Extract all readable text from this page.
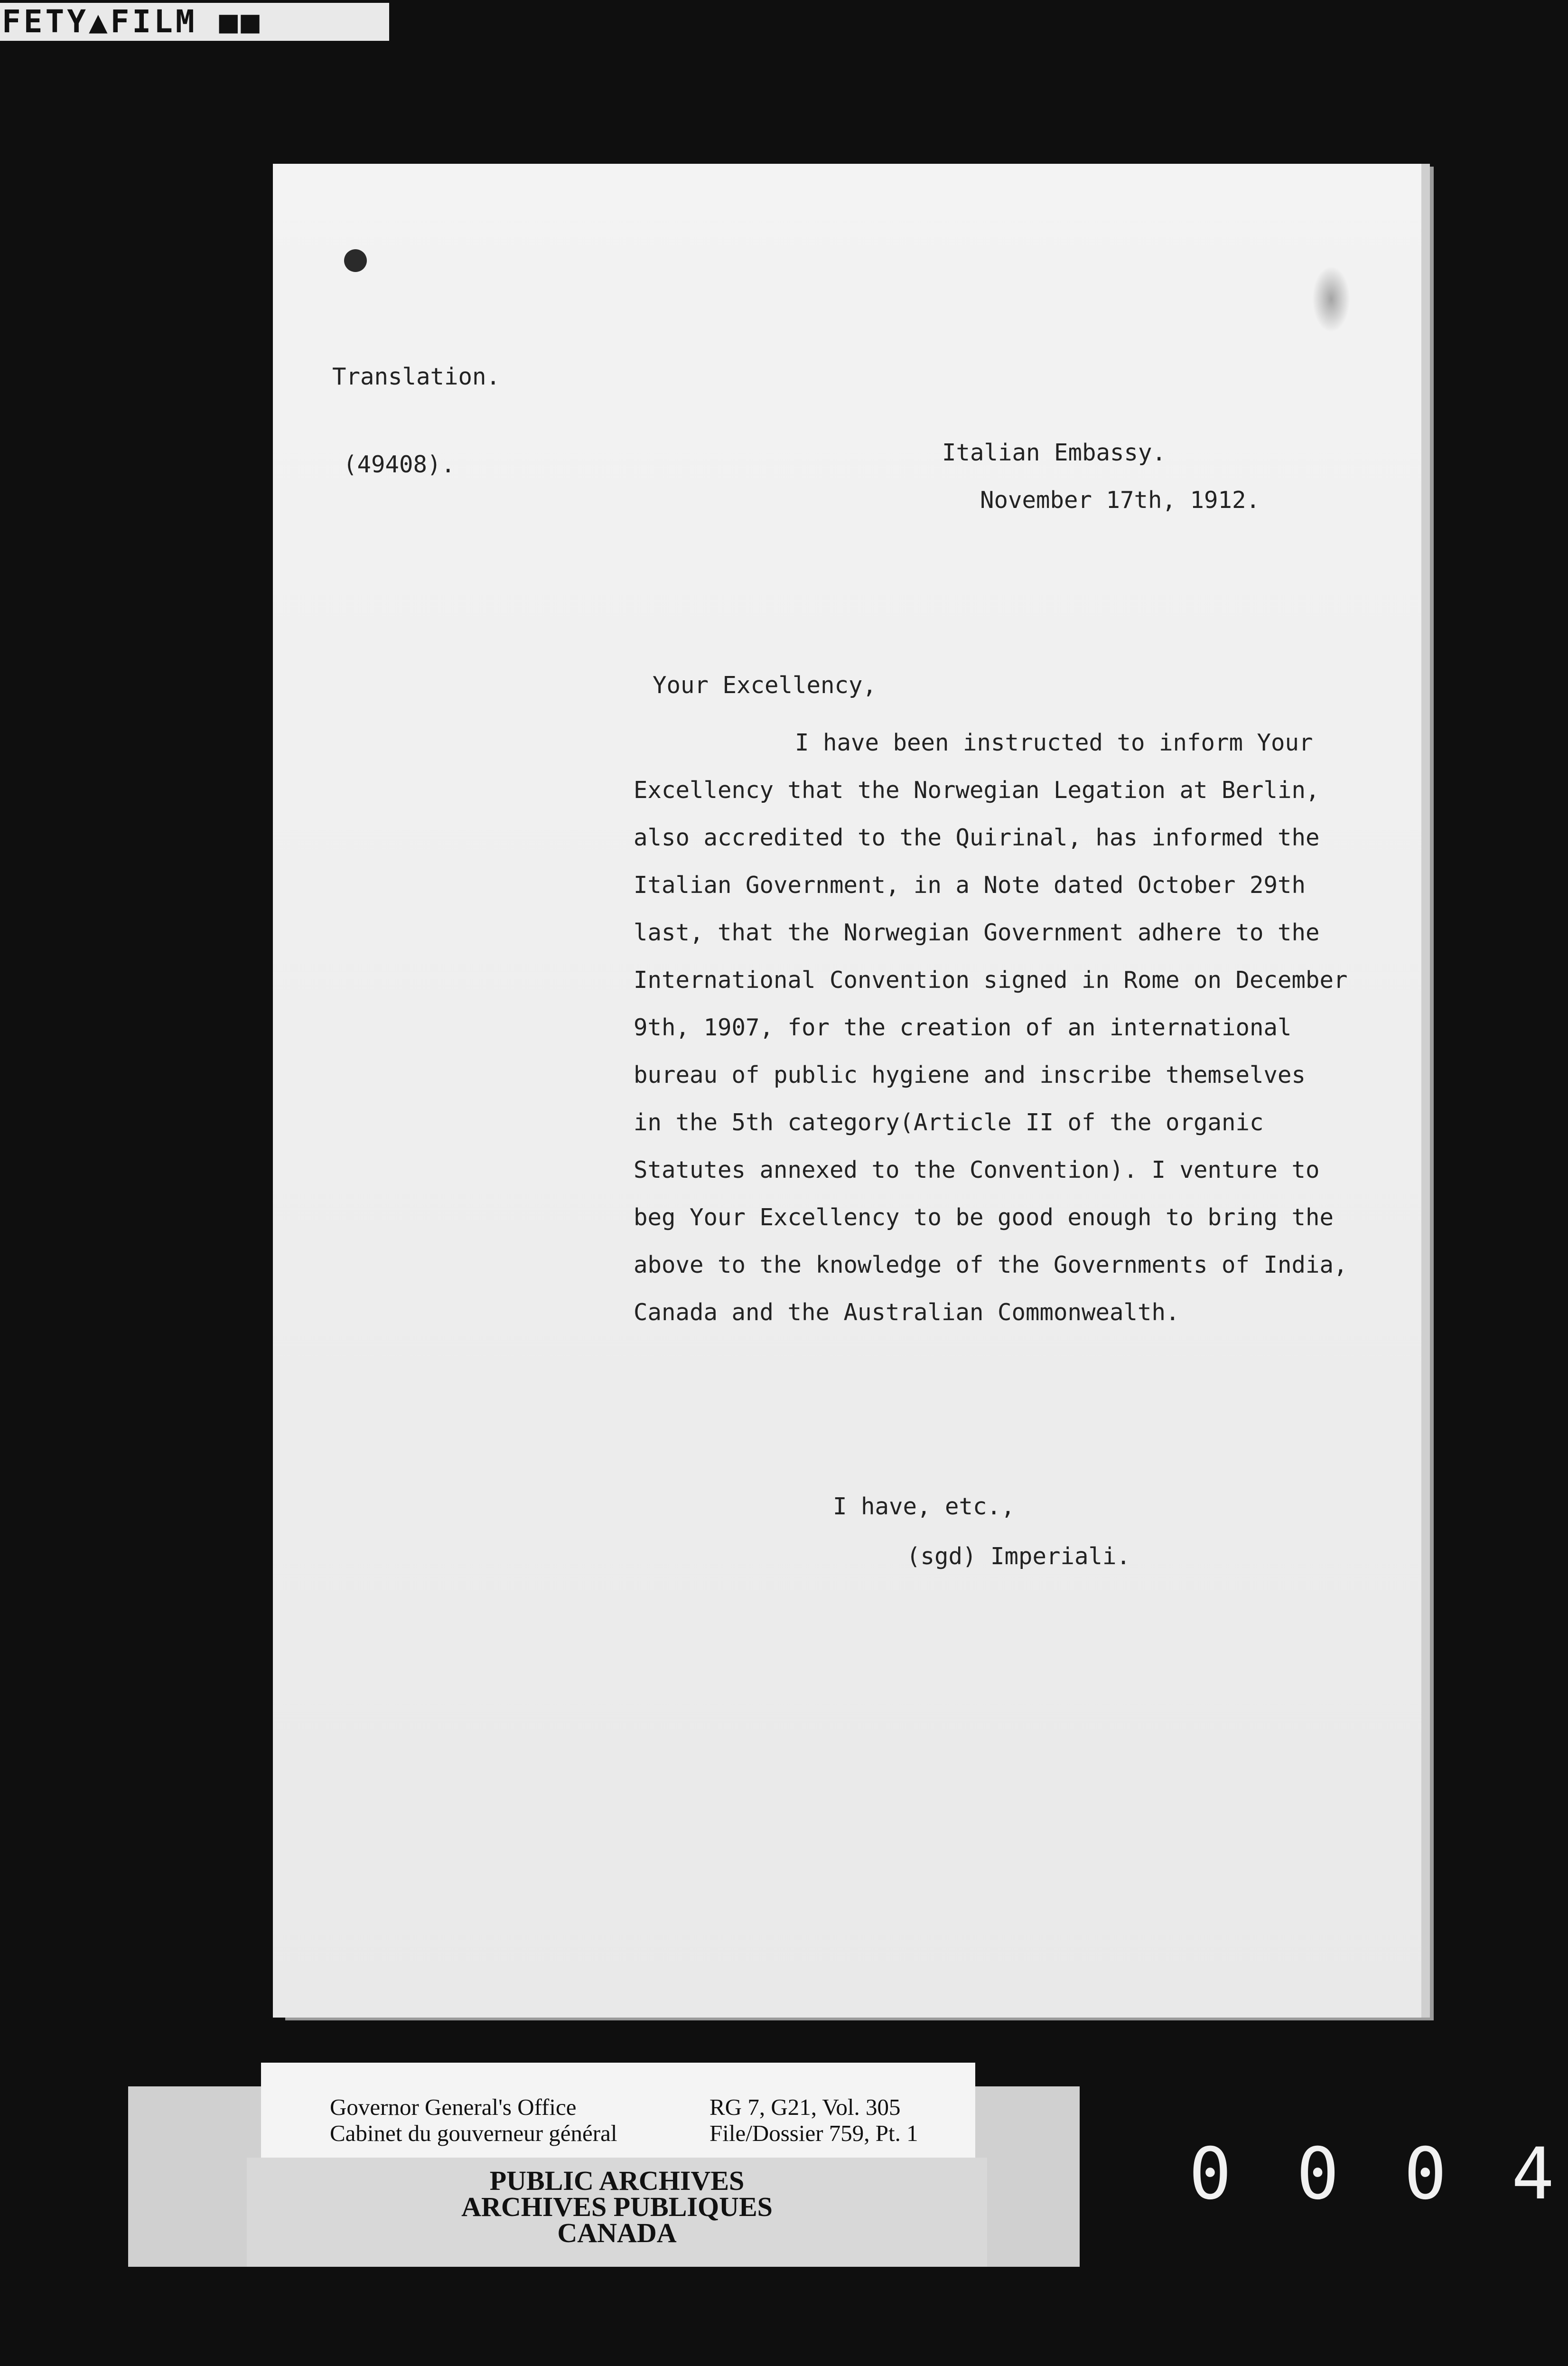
FETY▲FILM ■■
Translation.
(49408).	Italian Embassy.
November 17th, 1912.
Your Excellency,
I have been instructed to inform Your
Excellency that the Norwegian Legation at Berlin,
also accredited to the Quirinal, has informed the
Italian Government, in a Note dated October 29th
last, that the Norwegian Government adhere to the
International Convention signed in Rome on December
9th, 1907, for the creation of an international
bureau of public hygiene and inscribe themselves
in the 5th category(Article II of the organic
Statutes annexed to the Convention). I venture to
beg Your Excellency to be good enough to bring the
above to the knowledge of the Governments of India,
Canada and the Australian Commonwealth.
I have, etc.,
(sgd) Imperiali.
Governor General's Office
Cabinet du gouverneur général
RG 7, G21, Vol. 305
File/Dossier 759, Pt. 1
PUBLIC ARCHIVES
ARCHIVES PUBLIQUES
CANADA
0 0 0 4
